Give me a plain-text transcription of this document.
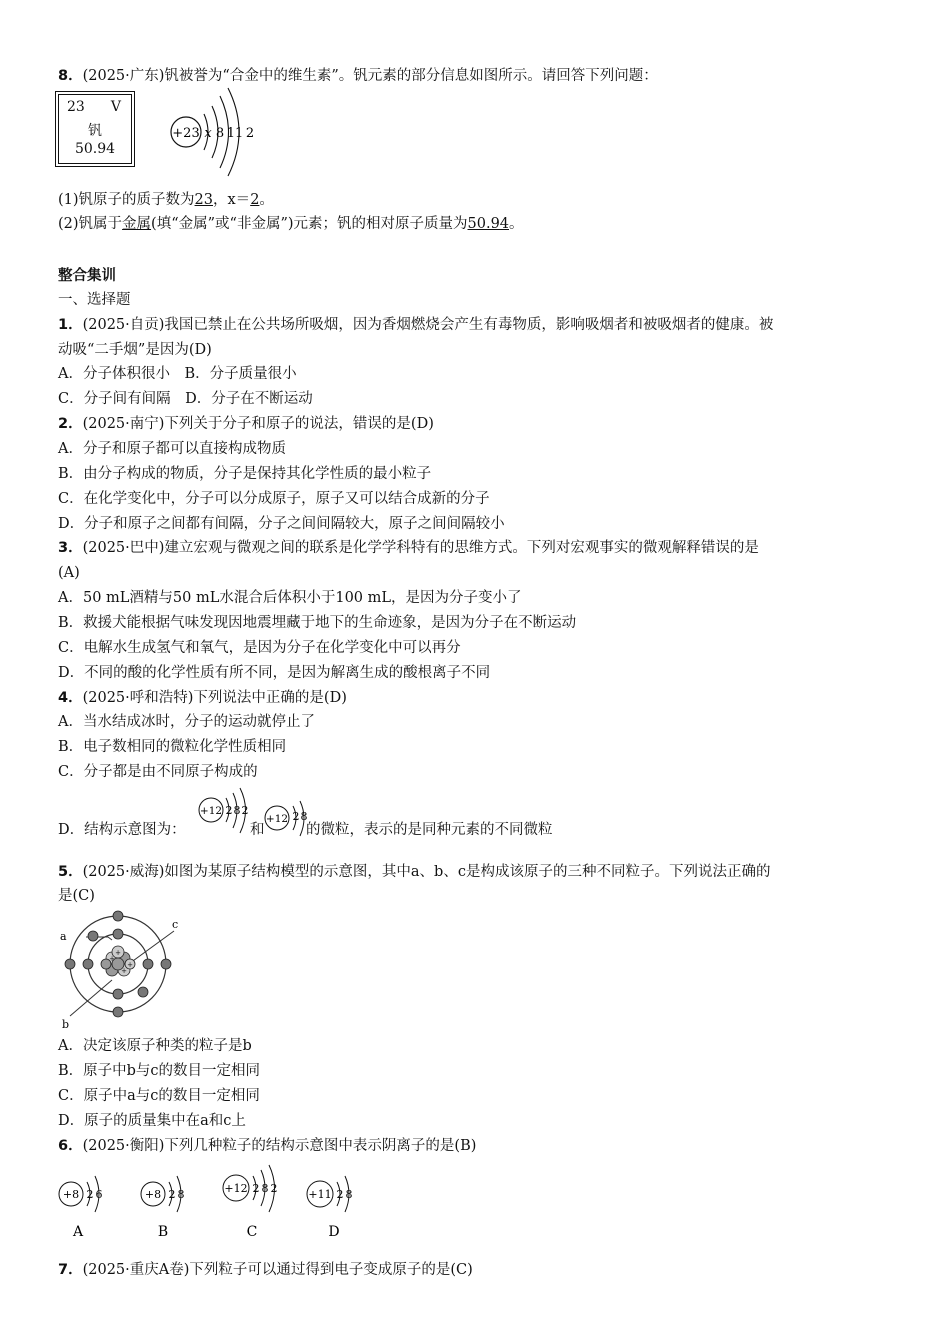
8．(2025·广东)钒被誉为“合金中的维生素”。钒元素的部分信息如图所示。请回答下列问题：
23 V
钒
50.94
+23 x 8 11 2
(1)钒原子的质子数为23，x＝2。
(2)钒属于金属(填“金属”或“非金属”)元素；钒的相对原子质量为50.94。
整合集训
一、选择题
1．(2025·自贡)我国已禁止在公共场所吸烟，因为香烟燃烧会产生有毒物质，影响吸烟者和被吸烟者的健康。被
动吸“二手烟”是因为(D)
A．分子体积很小　B．分子质量很小
C．分子间有间隔　D．分子在不断运动
2．(2025·南宁)下列关于分子和原子的说法，错误的是(D)
A．分子和原子都可以直接构成物质
B．由分子构成的物质，分子是保持其化学性质的最小粒子
C．在化学变化中，分子可以分成原子，原子又可以结合成新的分子
D．分子和原子之间都有间隔，分子之间间隔较大，原子之间间隔较小
3．(2025·巴中)建立宏观与微观之间的联系是化学学科特有的思维方式。下列对宏观事实的微观解释错误的是
(A)
A．50 mL酒精与50 mL水混合后体积小于100 mL，是因为分子变小了
B．救援犬能根据气味发现因地震埋藏于地下的生命迹象，是因为分子在不断运动
C．电解水生成氢气和氧气，是因为分子在化学变化中可以再分
D．不同的酸的化学性质有所不同，是因为解离生成的酸根离子不同
4．(2025·呼和浩特)下列说法中正确的是(D)
A．当水结成冰时，分子的运动就停止了
B．电子数相同的微粒化学性质相同
C．分子都是由不同原子构成的
D．结构示意图为：
+12 2 8 2
和
+12 2 8
的微粒，表示的是同种元素的不同微粒
5．(2025·威海)如图为某原子结构模型的示意图，其中a、b、c是构成该原子的三种不同粒子。下列说法正确的
是(C)
+
+
+
+
a
c
b
A．决定该原子种类的粒子是b
B．原子中b与c的数目一定相同
C．原子中a与c的数目一定相同
D．原子的质量集中在a和c上
6．(2025·衡阳)下列几种粒子的结构示意图中表示阴离子的是(B)
+8 2 6
A
+8 2 8
B
+12 2 8 2
C
+11 2 8
D
7．(2025·重庆A卷)下列粒子可以通过得到电子变成原子的是(C)
